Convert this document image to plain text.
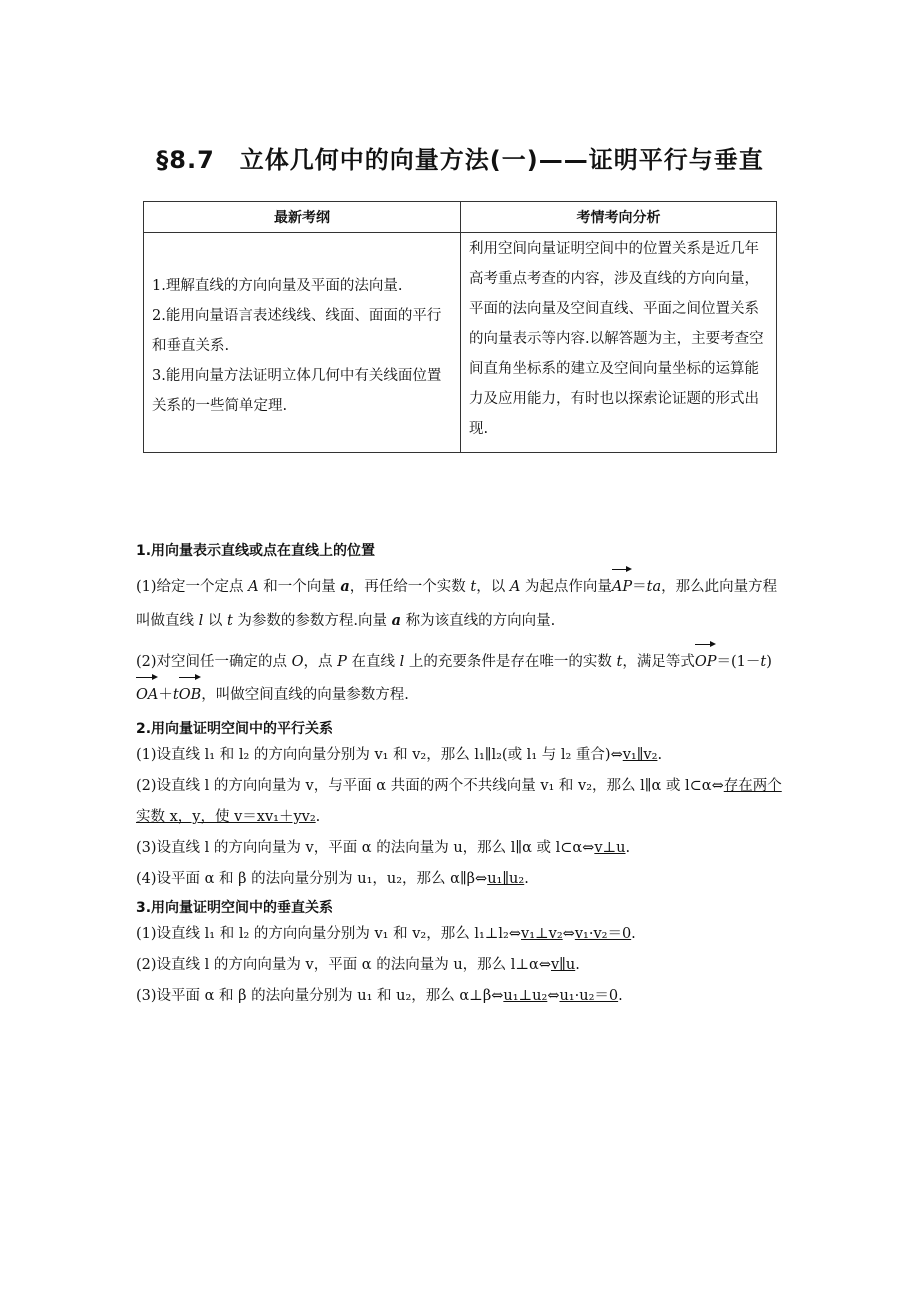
§8.7　立体几何中的向量方法(一)——证明平行与垂直
最新考纲	考情考向分析

1.理解直线的方向向量及平面的法向量.

2.能用向量语言表述线线、线面、面面的平行和垂直关系.

3.能用向量方法证明立体几何中有关线面位置关系的一些简单定理.	利用空间向量证明空间中的位置关系是近几年高考重点考查的内容，涉及直线的方向向量，平面的法向量及空间直线、平面之间位置关系的向量表示等内容.以解答题为主，主要考查空间直角坐标系的建立及空间向量坐标的运算能力及应用能力，有时也以探索论证题的形式出现.

1.用向量表示直线或点在直线上的位置

(1)给定一个定点 A 和一个向量 a，再任给一个实数 t，以 A 为起点作向量AP＝ta，那么此向量方程叫做直线 l 以 t 为参数的参数方程.向量 a 称为该直线的方向向量.

(2)对空间任一确定的点 O，点 P 在直线 l 上的充要条件是存在唯一的实数 t，满足等式OP＝(1－t)OA＋tOB，叫做空间直线的向量参数方程.

2.用向量证明空间中的平行关系

(1)设直线 l₁ 和 l₂ 的方向向量分别为 v₁ 和 v₂，那么 l₁∥l₂(或 l₁ 与 l₂ 重合)⇔v₁∥v₂.

(2)设直线 l 的方向向量为 v，与平面 α 共面的两个不共线向量 v₁ 和 v₂，那么 l∥α 或 l⊂α⇔存在两个实数 x，y，使 v＝xv₁＋yv₂.

(3)设直线 l 的方向向量为 v，平面 α 的法向量为 u，那么 l∥α 或 l⊂α⇔v⊥u.

(4)设平面 α 和 β 的法向量分别为 u₁，u₂，那么 α∥β⇔u₁∥u₂.

3.用向量证明空间中的垂直关系

(1)设直线 l₁ 和 l₂ 的方向向量分别为 v₁ 和 v₂，那么 l₁⊥l₂⇔v₁⊥v₂⇔v₁·v₂＝0.

(2)设直线 l 的方向向量为 v，平面 α 的法向量为 u，那么 l⊥α⇔v∥u.

(3)设平面 α 和 β 的法向量分别为 u₁ 和 u₂，那么 α⊥β⇔u₁⊥u₂⇔u₁·u₂＝0.
